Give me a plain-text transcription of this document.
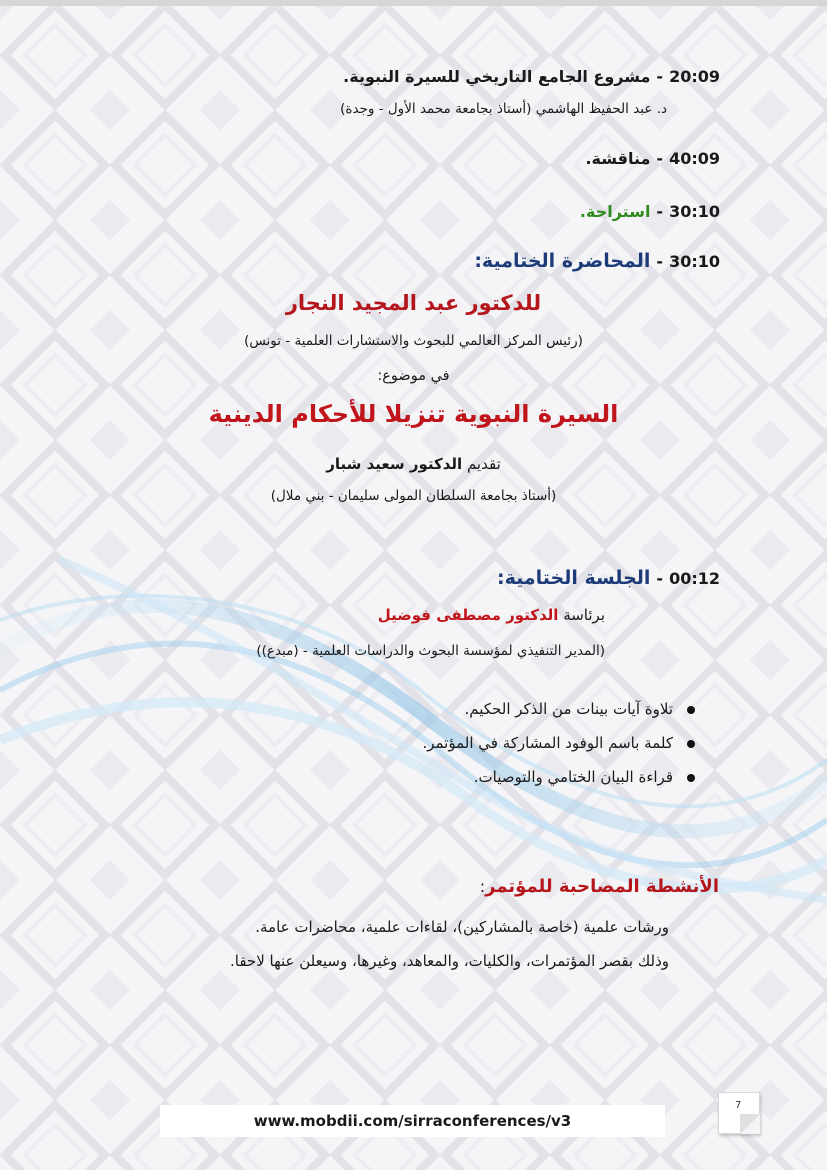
20:09-مشروع الجامع التاريخي للسيرة النبوية.
د. عبد الحفيظ الهاشمي (أستاذ بجامعة محمد الأول - وجدة)
40:09-مناقشة.
30:10-استراحة.
30:10-المحاضرة الختامية:
للدكتور عبد المجيد النجار
(رئيس المركز العالمي للبحوث والاستشارات العلمية - تونس)
في موضوع:
السيرة النبوية تنزيلا للأحكام الدينية
تقديم الدكتور سعيد شبار
(أستاذ بجامعة السلطان المولى سليمان - بني ملال)
00:12-الجلسة الختامية:
برئاسة الدكتور مصطفى فوضيل
(المدير التنفيذي لمؤسسة البحوث والدراسات العلمية - (مبدع))
تلاوة آيات بينات من الذكر الحكيم.
كلمة باسم الوفود المشاركة في المؤتمر.
قراءة البيان الختامي والتوصيات.
الأنشطة المصاحبة للمؤتمر:
ورشات علمية (خاصة بالمشاركين)، لقاءات علمية، محاضرات عامة.
وذلك بقصر المؤتمرات، والكليات، والمعاهد، وغيرها، وسيعلن عنها لاحقا.
www.mobdii.com/sirraconferences/v3
7
